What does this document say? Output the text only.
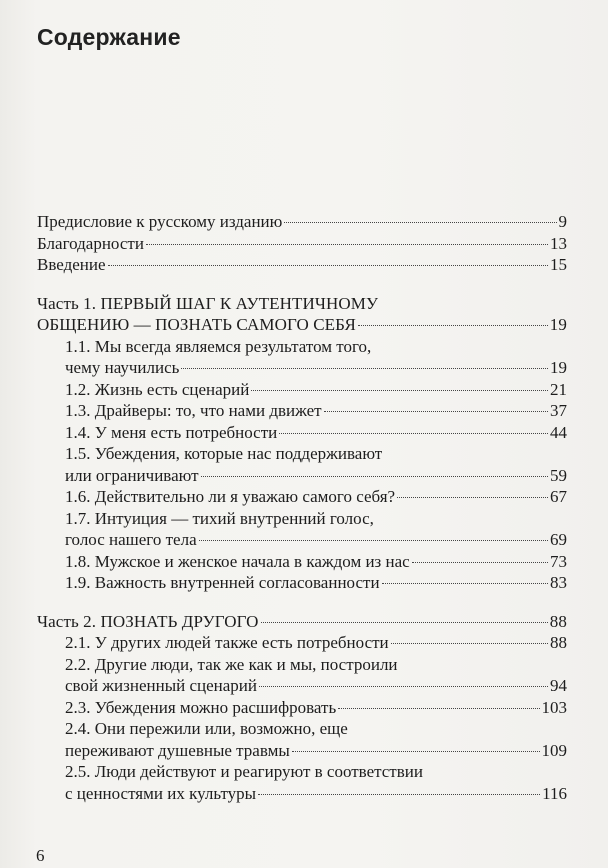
Содержание
Предисловие к русскому изданию	9
Благодарности	13
Введение	15
Часть 1. ПЕРВЫЙ ШАГ К АУТЕНТИЧНОМУ
ОБЩЕНИЮ — ПОЗНАТЬ САМОГО СЕБЯ	19
1.1. Мы всегда являемся результатом того,
чему научились	19
1.2. Жизнь есть сценарий	21
1.3. Драйверы: то, что нами движет	37
1.4. У меня есть потребности	44
1.5. Убеждения, которые нас поддерживают
или ограничивают	59
1.6. Действительно ли я уважаю самого себя?	67
1.7. Интуиция — тихий внутренний голос,
голос нашего тела	69
1.8. Мужское и женское начала в каждом из нас	73
1.9. Важность внутренней согласованности	83
Часть 2. ПОЗНАТЬ ДРУГОГО	88
2.1. У других людей также есть потребности	88
2.2. Другие люди, так же как и мы, построили
свой жизненный сценарий	94
2.3. Убеждения можно расшифровать	103
2.4. Они пережили или, возможно, еще
переживают душевные травмы	109
2.5. Люди действуют и реагируют в соответствии
с ценностями их культуры	116
6
